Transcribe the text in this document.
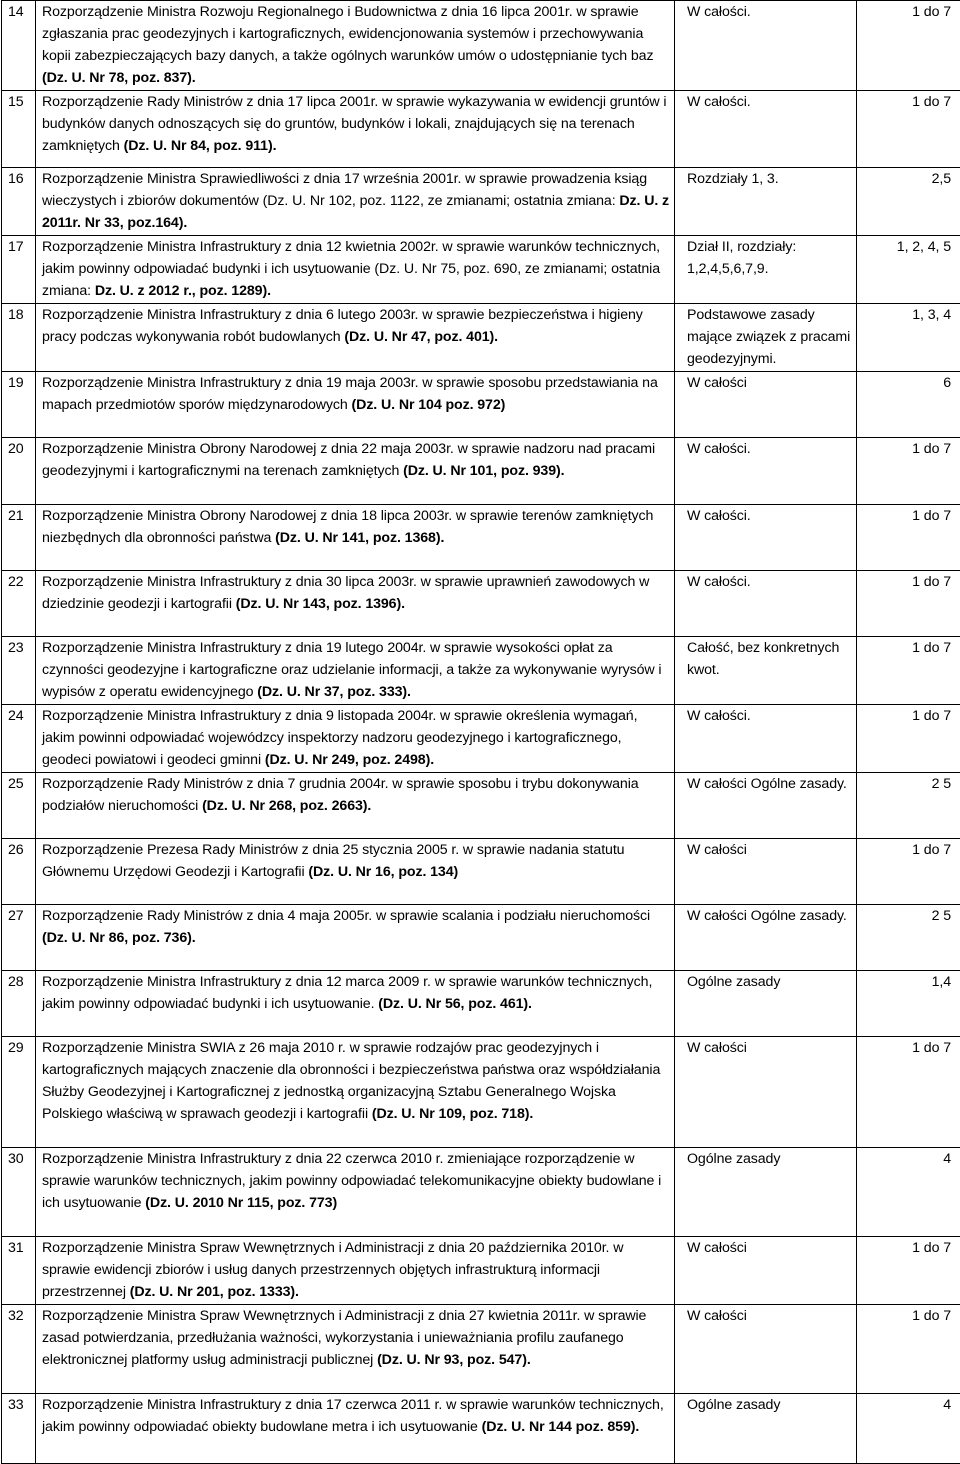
14	Rozporządzenie Ministra Rozwoju Regionalnego i Budownictwa z dnia 16 lipca 2001r. w sprawie zgłaszania prac geodezyjnych i kartograficznych, ewidencjonowania systemów i przechowywania kopii zabezpieczających bazy danych, a także ogólnych warunków umów o udostępnianie tych baz (Dz. U. Nr 78, poz. 837).	W całości.	1 do 7
15	Rozporządzenie Rady Ministrów z dnia 17 lipca 2001r. w sprawie wykazywania w ewidencji gruntów i budynków danych odnoszących się do gruntów, budynków i lokali, znajdujących się na terenach zamkniętych (Dz. U. Nr 84, poz. 911).	W całości.	1 do 7
16	Rozporządzenie Ministra Sprawiedliwości z dnia 17 września 2001r. w sprawie prowadzenia ksiąg wieczystych i zbiorów dokumentów (Dz. U. Nr 102, poz. 1122, ze zmianami; ostatnia zmiana: Dz. U. z 2011r. Nr 33, poz.164).	Rozdziały 1, 3.	2,5
17	Rozporządzenie Ministra Infrastruktury z dnia 12 kwietnia 2002r. w sprawie warunków technicznych, jakim powinny odpowiadać budynki i ich usytuowanie (Dz. U. Nr 75, poz. 690, ze zmianami; ostatnia zmiana: Dz. U. z 2012 r., poz. 1289).	Dział II, rozdziały: 1,2,4,5,6,7,9.	1, 2, 4, 5
18	Rozporządzenie Ministra Infrastruktury z dnia 6 lutego 2003r. w sprawie bezpieczeństwa i higieny pracy podczas wykonywania robót budowlanych (Dz. U. Nr 47, poz. 401).	Podstawowe zasady mające związek z pracami geodezyjnymi.	1, 3, 4
19	Rozporządzenie Ministra Infrastruktury z dnia 19 maja 2003r. w sprawie sposobu przedstawiania na mapach przedmiotów sporów międzynarodowych (Dz. U. Nr 104 poz. 972)	W całości	6
20	Rozporządzenie Ministra Obrony Narodowej z dnia 22 maja 2003r. w sprawie nadzoru nad pracami geodezyjnymi i kartograficznymi na terenach zamkniętych (Dz. U. Nr 101, poz. 939).	W całości.	1 do 7
21	Rozporządzenie Ministra Obrony Narodowej z dnia 18 lipca 2003r. w sprawie terenów zamkniętych niezbędnych dla obronności państwa (Dz. U. Nr 141, poz. 1368).	W całości.	1 do 7
22	Rozporządzenie Ministra Infrastruktury z dnia 30 lipca 2003r. w sprawie uprawnień zawodowych w dziedzinie geodezji i kartografii (Dz. U. Nr 143, poz. 1396).	W całości.	1 do 7
23	Rozporządzenie Ministra Infrastruktury z dnia 19 lutego 2004r. w sprawie wysokości opłat za czynności geodezyjne i kartograficzne oraz udzielanie informacji, a także za wykonywanie wyrysów i wypisów z operatu ewidencyjnego (Dz. U. Nr 37, poz. 333).	Całość, bez konkretnych kwot.	1 do 7
24	Rozporządzenie Ministra Infrastruktury z dnia 9 listopada 2004r. w sprawie określenia wymagań, jakim powinni odpowiadać wojewódzcy inspektorzy nadzoru geodezyjnego i kartograficznego, geodeci powiatowi i geodeci gminni (Dz. U. Nr 249, poz. 2498).	W całości.	1 do 7
25	Rozporządzenie Rady Ministrów z dnia 7 grudnia 2004r. w sprawie sposobu i trybu dokonywania podziałów nieruchomości (Dz. U. Nr 268, poz. 2663).	W całości Ogólne zasady.	2 5
26	Rozporządzenie Prezesa Rady Ministrów z dnia 25 stycznia 2005 r. w sprawie nadania statutu Głównemu Urzędowi Geodezji i Kartografii (Dz. U. Nr 16, poz. 134)	W całości	1 do 7
27	Rozporządzenie Rady Ministrów z dnia 4 maja 2005r. w sprawie scalania i podziału nieruchomości (Dz. U. Nr 86, poz. 736).	W całości Ogólne zasady.	2 5
28	Rozporządzenie Ministra Infrastruktury z dnia 12 marca 2009 r. w sprawie warunków technicznych, jakim powinny odpowiadać budynki i ich usytuowanie. (Dz. U. Nr 56, poz. 461).	Ogólne zasady	1,4
29	Rozporządzenie Ministra SWIA z 26 maja 2010 r. w sprawie rodzajów prac geodezyjnych i kartograficznych mających znaczenie dla obronności i bezpieczeństwa państwa oraz współdziałania Służby Geodezyjnej i Kartograficznej z jednostką organizacyjną Sztabu Generalnego Wojska Polskiego właściwą w sprawach geodezji i kartografii (Dz. U. Nr 109, poz. 718).	W całości	1 do 7
30	Rozporządzenie Ministra Infrastruktury z dnia 22 czerwca 2010 r. zmieniające rozporządzenie w sprawie warunków technicznych, jakim powinny odpowiadać telekomunikacyjne obiekty budowlane i ich usytuowanie (Dz. U. 2010 Nr 115, poz. 773)	Ogólne zasady	4
31	Rozporządzenie Ministra Spraw Wewnętrznych i Administracji z dnia 20 października 2010r. w sprawie ewidencji zbiorów i usług danych przestrzennych objętych infrastrukturą informacji przestrzennej (Dz. U. Nr 201, poz. 1333).	W całości	1 do 7
32	Rozporządzenie Ministra Spraw Wewnętrznych i Administracji z dnia 27 kwietnia 2011r. w sprawie zasad potwierdzania, przedłużania ważności, wykorzystania i unieważniania profilu zaufanego elektronicznej platformy usług administracji publicznej (Dz. U. Nr 93, poz. 547).	W całości	1 do 7
33	Rozporządzenie Ministra Infrastruktury z dnia 17 czerwca 2011 r. w sprawie warunków technicznych, jakim powinny odpowiadać obiekty budowlane metra i ich usytuowanie (Dz. U. Nr 144 poz. 859).	Ogólne zasady	4
